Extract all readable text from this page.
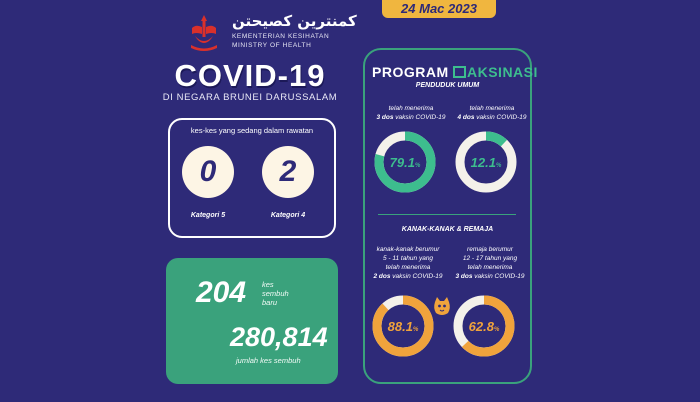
24 Mac 2023
کمنترين کصيحتن
KEMENTERIAN KESIHATAN
MINISTRY OF HEALTH
COVID-19
DI NEGARA BRUNEI DARUSSALAM
kes-kes yang sedang dalam rawatan
0
Kategori 5
2
Kategori 4
204 kes
sembuh
baru
280,814
jumlah kes sembuh
PROGRAM AKSINASI
PENDUDUK UMUM
telah menerima
3 dos vaksin COVID-19
telah menerima
4 dos vaksin COVID-19
79.1%	12.1%
KANAK-KANAK & REMAJA
kanak-kanak berumur
5 - 11 tahun yang
telah menerima
2 dos vaksin COVID-19
remaja berumur
12 - 17 tahun yang
telah menerima
3 dos vaksin COVID-19
88.1%	62.8%
